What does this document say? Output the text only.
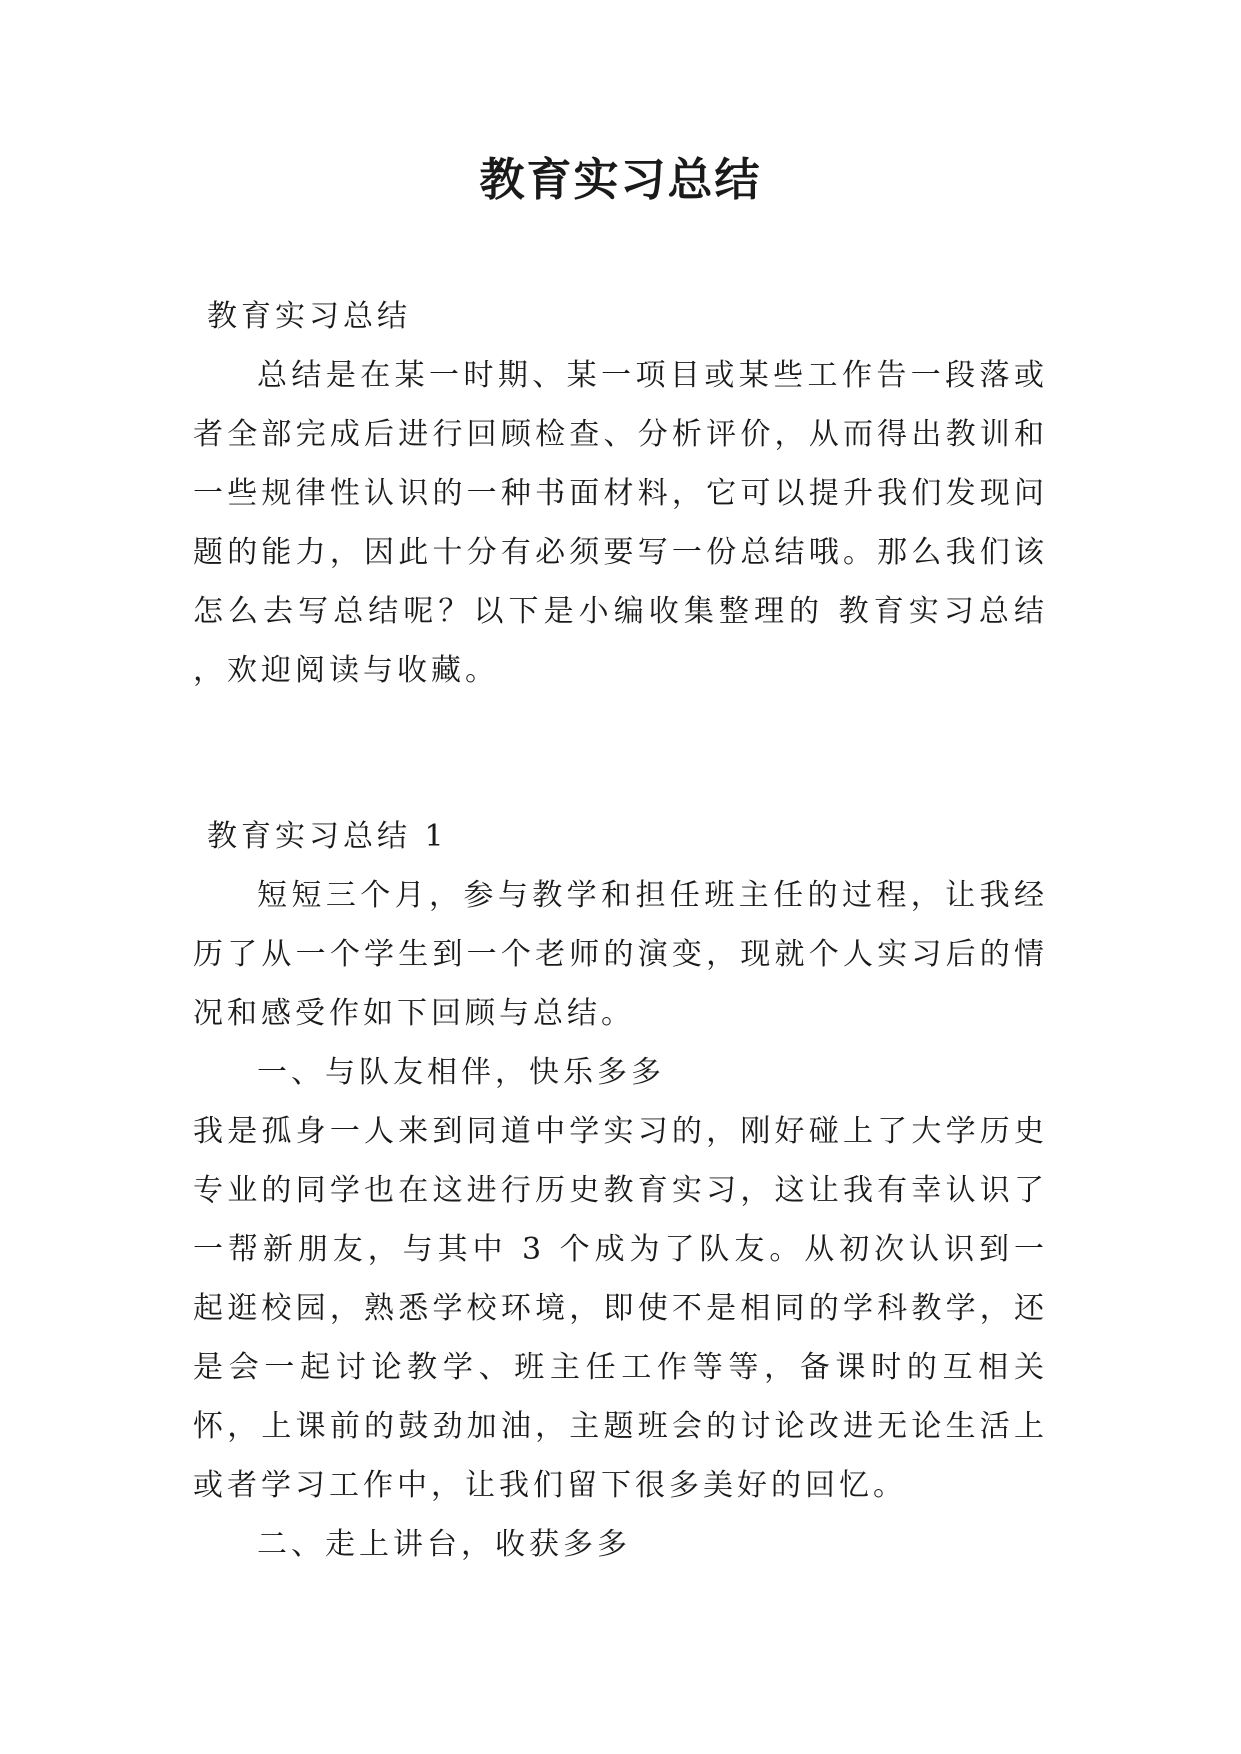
教育实习总结
教育实习总结
总结是在某一时期、某一项目或某些工作告一段落或者全部完成后进行回顾检查、分析评价，从而得出教训和一些规律性认识的一种书面材料，它可以提升我们发现问题的能力，因此十分有必须要写一份总结哦。那么我们该怎么去写总结呢？以下是小编收集整理的 教育实习总结 ，欢迎阅读与收藏。
教育实习总结 1
短短三个月，参与教学和担任班主任的过程，让我经历了从一个学生到一个老师的演变，现就个人实习后的情况和感受作如下回顾与总结。
一、与队友相伴，快乐多多
我是孤身一人来到同道中学实习的，刚好碰上了大学历史专业的同学也在这进行历史教育实习，这让我有幸认识了一帮新朋友，与其中 3 个成为了队友。从初次认识到一起逛校园，熟悉学校环境，即使不是相同的学科教学，还是会一起讨论教学、班主任工作等等，备课时的互相关怀，上课前的鼓劲加油，主题班会的讨论改进无论生活上或者学习工作中，让我们留下很多美好的回忆。
二、走上讲台，收获多多
